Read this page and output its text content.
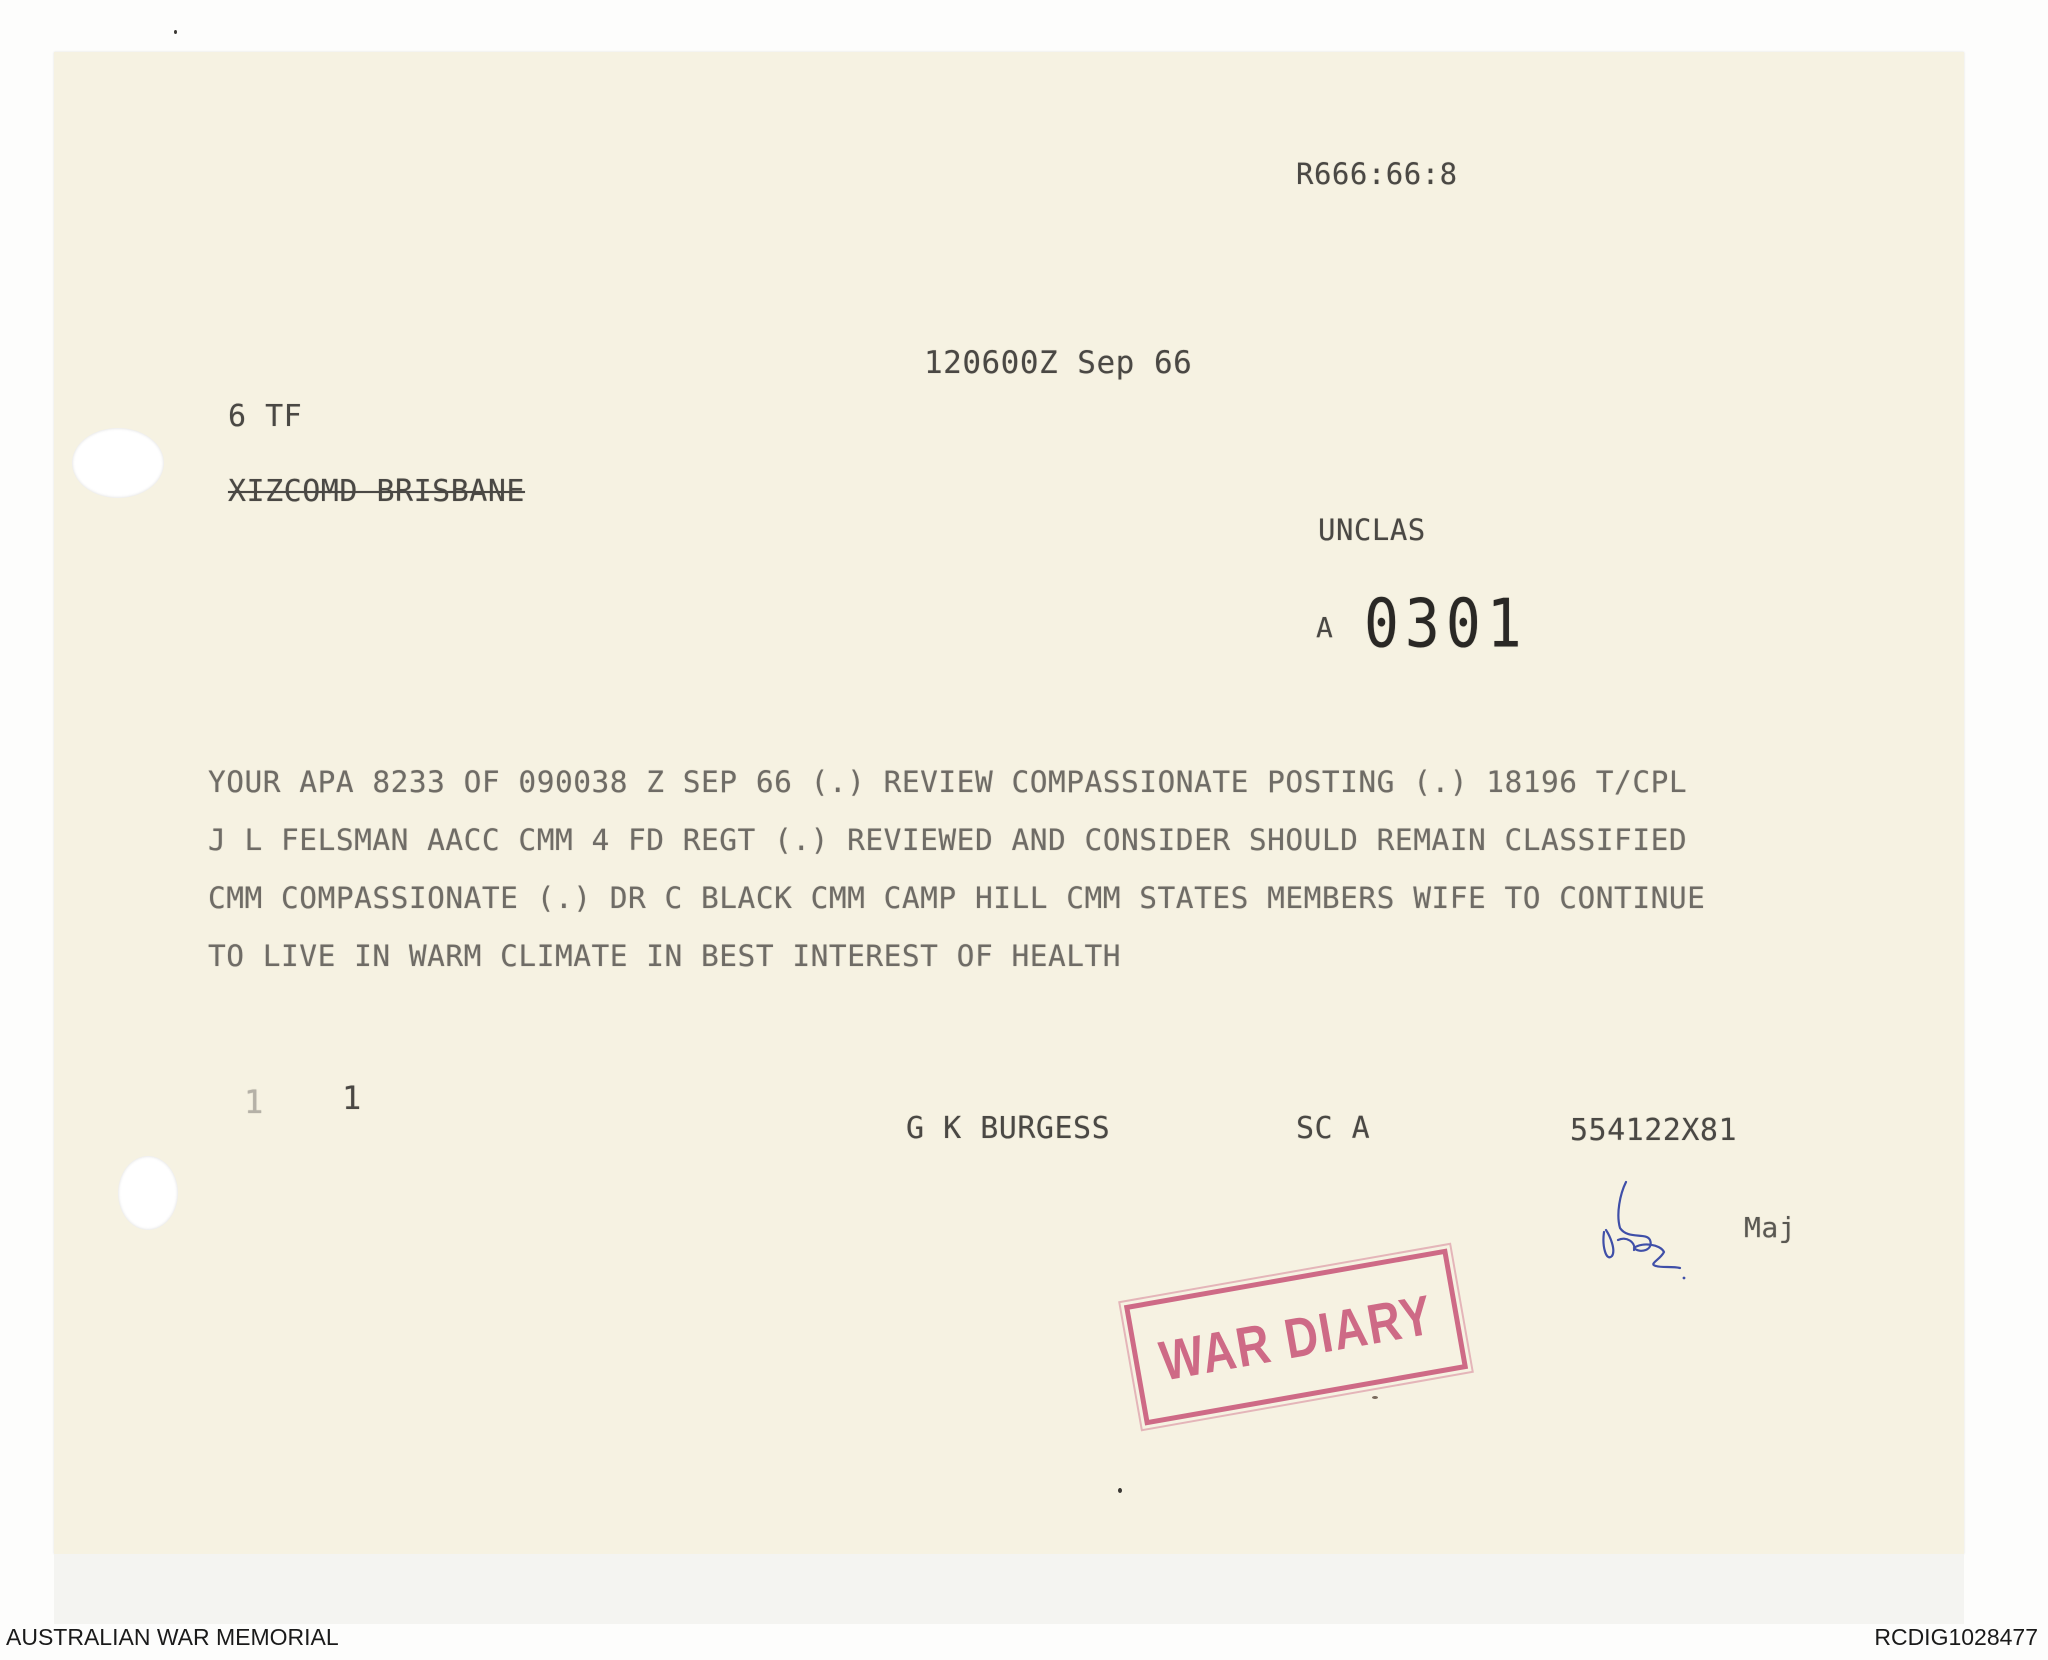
R666:66:8
120600Z Sep 66
6 TF
XIZCOMD BRISBANE
UNCLAS
A 0301
YOUR APA 8233 OF 090038 Z SEP 66 (.) REVIEW COMPASSIONATE POSTING (.) 18196 T/CPL
J L FELSMAN AACC CMM 4 FD REGT (.) REVIEWED AND CONSIDER SHOULD REMAIN CLASSIFIED
CMM COMPASSIONATE (.) DR C BLACK CMM CAMP HILL CMM STATES MEMBERS WIFE TO CONTINUE
TO LIVE IN WARM CLIMATE IN BEST INTEREST OF HEALTH
1 1
G K BURGESS	SC A	554122X81
Maj
WAR DIARY
AUSTRALIAN WAR MEMORIAL	RCDIG1028477
